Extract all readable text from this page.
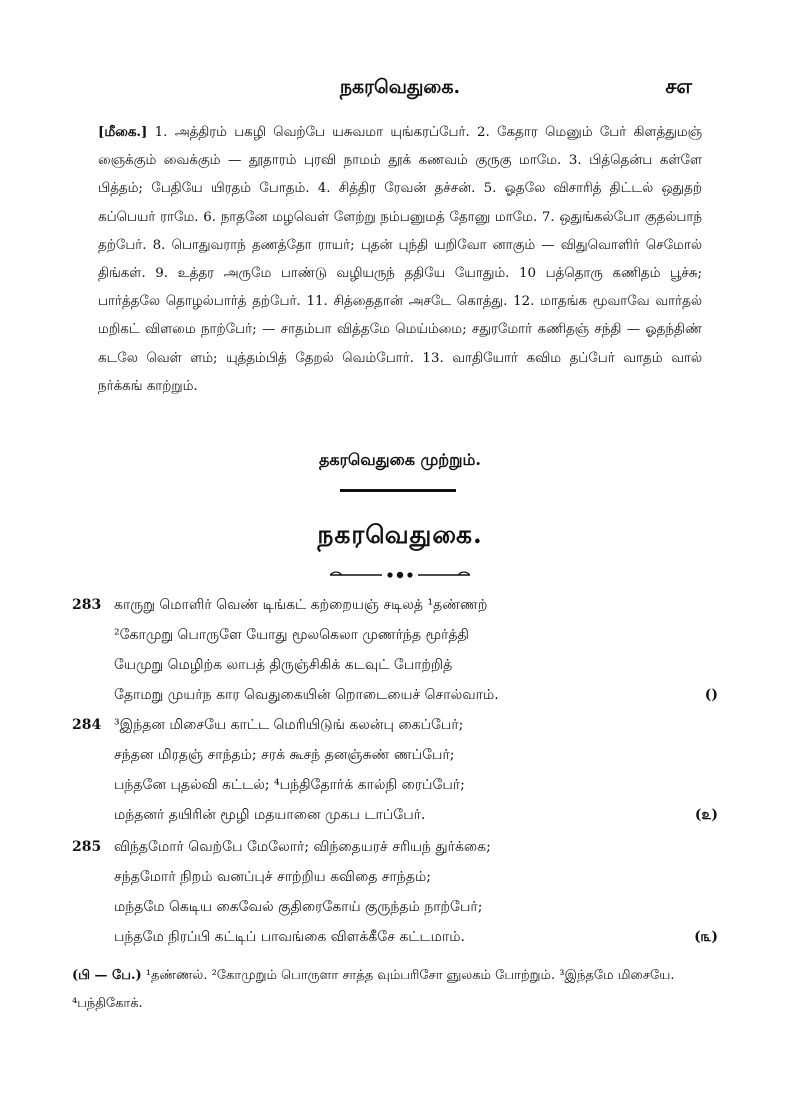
நகரவெதுகை.	சஎ
[மீகை.] 1. அத்திரம் பகழி வெற்பே யசுவமா யுங்கரப்பேர். 2. கேதார மெனும் பேர் கிளத்துமஞ் ஞைக்கும் வைக்கும் — தூதாரம் புரவி நாமம் தூக் கணவம் குருகு மாமே. 3. பித்தென்ப கள்ளே பித்தம்; பேதியே யிரதம் போதம். 4. சித்திர ரேவன் தச்சன். 5. ஓதலே விசாரித் திட்டல் ஒதுதற் கப்பெயர் ராமே. 6. நாதனே மழவெள் ளேற்று நம்பனுமத் தோனு மாமே. 7. ஒதுங்கல்போ குதல்பாந் தற்பேர். 8. பொதுவராந் தணத்தோ ராயர்; புதன் புந்தி யறிவோ னாகும் — விதுவொளிர் செமோல் திங்கள். 9. உத்தர அருமே பாண்டு வழியருந் ததியே யோதும். 10 பத்தொரு கணிதம் பூச்சு; பார்த்தலே தொழல்பார்த் தற்பேர். 11. சித்தைதான் அசடே கொத்து. 12. மாதங்க மூவாவே வார்தல் மறிகட் விளமை நாற்பேர்; — சாதம்பா வித்தமே மெய்ம்மை; சதுரமோர் கணிதஞ் சந்தி — ஓதந்திண் கடலே வெள் ளம்; யுத்தம்பித் தேறல் வெம்போர். 13. வாதியோர் கவிம தப்பேர் வாதம் வால் நர்க்கங் காற்றும்.
தகரவெதுகை முற்றும்.
நகரவெதுகை.
283 காருறு மொளிர் வெண் டிங்கட் கற்றையஞ் சடிலத் ¹தண்ணற்
²கோமுறு பொருளே யோது மூலகெலா முணர்ந்த மூர்த்தி
யேமுறு மெழிற்க லாபத் திருஞ்சிகிக் கடவுட் போற்றித்
தோமறு முயர்ந கார வெதுகையின் றொடையைச் சொல்வாம்.	()
284 ³இந்தன மிசையே காட்ட மெரியிடுங் கலன்பு கைப்பேர்;
சந்தன மிரதஞ் சாந்தம்; சரக் கூசந் தனஞ்சுண் ணப்பேர்;
பந்தனே புதல்வி கட்டல்; ⁴பந்திதோர்க் கால்நி ரைப்பேர்;
மந்தனர் தயிரின் மூழி மதயானை முகப டாப்பேர்.	(௨)
285 விந்தமோர் வெற்பே மேலோர்; விந்தையரச் சரியந் துர்க்கை;
சந்தமோர் நிறம் வனப்புச் சாற்றிய கவிதை சாந்தம்;
மந்தமே கெடிய கைவேல் குதிரைகோய் குருந்தம் நாற்பேர்;
பந்தமே நிரப்பி கட்டிப் பாவங்கை விளக்கீசே கட்டமாம்.	(௩)
(பி — பே.) ¹தண்ணல். ²கோமுறும் பொருளா சாத்த வும்பரிசோ ஞுலகம் போற்றும். ³இந்தமே மிசையே. ⁴பந்திகோக்.
